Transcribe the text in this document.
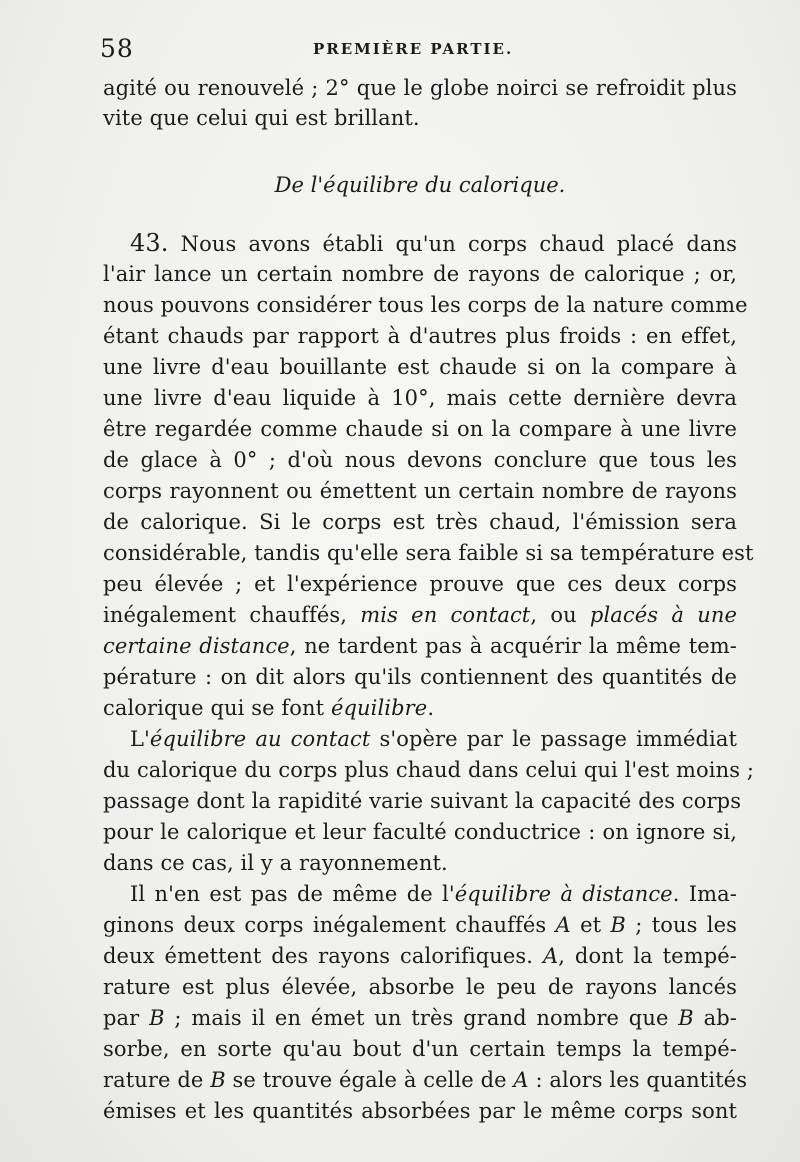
58	PREMIÈRE PARTIE.
agité ou renouvelé ; 2° que le globe noirci se refroidit plus
vite que celui qui est brillant.
De l'équilibre du calorique.
43. Nous avons établi qu'un corps chaud placé dans
l'air lance un certain nombre de rayons de calorique ; or,
nous pouvons considérer tous les corps de la nature comme
étant chauds par rapport à d'autres plus froids : en effet,
une livre d'eau bouillante est chaude si on la compare à
une livre d'eau liquide à 10°, mais cette dernière devra
être regardée comme chaude si on la compare à une livre
de glace à 0° ; d'où nous devons conclure que tous les
corps rayonnent ou émettent un certain nombre de rayons
de calorique. Si le corps est très chaud, l'émission sera
considérable, tandis qu'elle sera faible si sa température est
peu élevée ; et l'expérience prouve que ces deux corps
inégalement chauffés, mis en contact, ou placés à une
certaine distance, ne tardent pas à acquérir la même tem-
pérature : on dit alors qu'ils contiennent des quantités de
calorique qui se font équilibre.
L'équilibre au contact s'opère par le passage immédiat
du calorique du corps plus chaud dans celui qui l'est moins ;
passage dont la rapidité varie suivant la capacité des corps
pour le calorique et leur faculté conductrice : on ignore si,
dans ce cas, il y a rayonnement.
Il n'en est pas de même de l'équilibre à distance. Ima-
ginons deux corps inégalement chauffés A et B ; tous les
deux émettent des rayons calorifiques. A, dont la tempé-
rature est plus élevée, absorbe le peu de rayons lancés
par B ; mais il en émet un très grand nombre que B ab-
sorbe, en sorte qu'au bout d'un certain temps la tempé-
rature de B se trouve égale à celle de A : alors les quantités
émises et les quantités absorbées par le même corps sont
